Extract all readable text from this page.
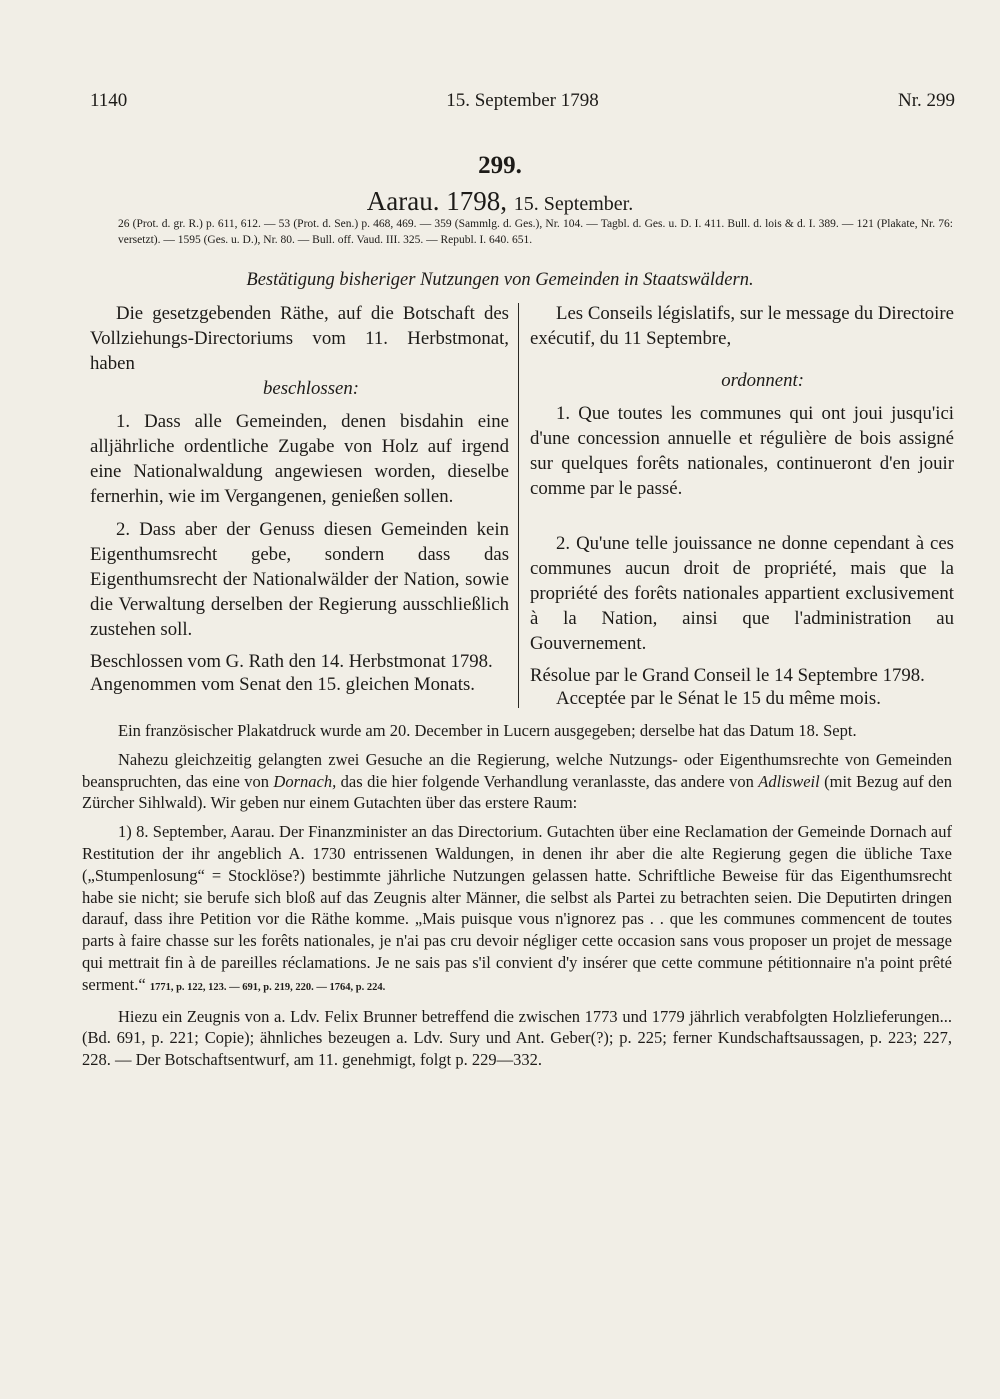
1140	15. September 1798	Nr. 299
299.
Aarau. 1798, 15. September.
26 (Prot. d. gr. R.) p. 611, 612. — 53 (Prot. d. Sen.) p. 468, 469. — 359 (Sammlg. d. Ges.), Nr. 104. — Tagbl. d. Ges. u. D. I. 411. Bull. d. lois & d. I. 389. — 121 (Plakate, Nr. 76: versetzt). — 1595 (Ges. u. D.), Nr. 80. — Bull. off. Vaud. III. 325. — Republ. I. 640. 651.
Bestätigung bisheriger Nutzungen von Gemeinden in Staatswäldern.

Die gesetzgebenden Räthe, auf die Botschaft des Vollziehungs-Directoriums vom 11. Herbstmonat, haben

beschlossen:

1. Dass alle Gemeinden, denen bisdahin eine alljährliche ordentliche Zugabe von Holz auf irgend eine Nationalwaldung angewiesen worden, dieselbe fernerhin, wie im Vergangenen, genießen sollen.

2. Dass aber der Genuss diesen Gemeinden kein Eigenthumsrecht gebe, sondern dass das Eigenthumsrecht der Nationalwälder der Nation, sowie die Verwaltung derselben der Regierung ausschließlich zustehen soll.

Beschlossen vom G. Rath den 14. Herbstmonat 1798.

Angenommen vom Senat den 15. gleichen Monats.

Les Conseils législatifs, sur le message du Directoire exécutif, du 11 Septembre,

ordonnent:

1. Que toutes les communes qui ont joui jusqu'ici d'une concession annuelle et régulière de bois assigné sur quelques forêts nationales, continueront d'en jouir comme par le passé.

2. Qu'une telle jouissance ne donne cependant à ces communes aucun droit de propriété, mais que la propriété des forêts nationales appartient exclusivement à la Nation, ainsi que l'administration au Gouvernement.

Résolue par le Grand Conseil le 14 Septembre 1798.

Acceptée par le Sénat le 15 du même mois.

Ein französischer Plakatdruck wurde am 20. December in Lucern ausgegeben; derselbe hat das Datum 18. Sept.

Nahezu gleichzeitig gelangten zwei Gesuche an die Regierung, welche Nutzungs- oder Eigenthumsrechte von Gemeinden beanspruchten, das eine von Dornach, das die hier folgende Verhandlung veranlasste, das andere von Adlisweil (mit Bezug auf den Zürcher Sihlwald). Wir geben nur einem Gutachten über das erstere Raum:

1) 8. September, Aarau. Der Finanzminister an das Directorium. Gutachten über eine Reclamation der Gemeinde Dornach auf Restitution der ihr angeblich A. 1730 entrissenen Waldungen, in denen ihr aber die alte Regierung gegen die übliche Taxe („Stumpenlosung“ = Stocklöse?) bestimmte jährliche Nutzungen gelassen hatte. Schriftliche Beweise für das Eigenthumsrecht habe sie nicht; sie berufe sich bloß auf das Zeugnis alter Männer, die selbst als Partei zu betrachten seien. Die Deputirten dringen darauf, dass ihre Petition vor die Räthe komme. „Mais puisque vous n'ignorez pas . . que les communes commencent de toutes parts à faire chasse sur les forêts nationales, je n'ai pas cru devoir négliger cette occasion sans vous proposer un projet de message qui mettrait fin à de pareilles réclamations. Je ne sais pas s'il convient d'y insérer que cette commune pétitionnaire n'a point prêté serment.“ 1771, p. 122, 123. — 691, p. 219, 220. — 1764, p. 224.

Hiezu ein Zeugnis von a. Ldv. Felix Brunner betreffend die zwischen 1773 und 1779 jährlich verabfolgten Holzlieferungen... (Bd. 691, p. 221; Copie); ähnliches bezeugen a. Ldv. Sury und Ant. Geber(?); p. 225; ferner Kundschaftsaussagen, p. 223; 227, 228. — Der Botschaftsentwurf, am 11. genehmigt, folgt p. 229—332.
